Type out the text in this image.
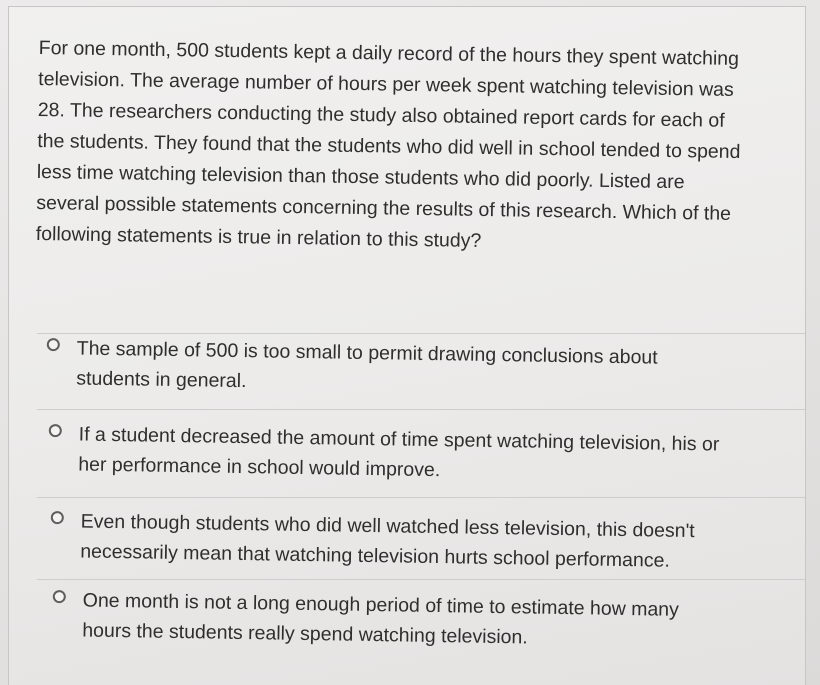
For one month, 500 students kept a daily record of the hours they spent watching television. The average number of hours per week spent watching television was 28. The researchers conducting the study also obtained report cards for each of the students. They found that the students who did well in school tended to spend less time watching television than those students who did poorly. Listed are several possible statements concerning the results of this research. Which of the following statements is true in relation to this study?

The sample of 500 is too small to permit drawing conclusions about students in general.
If a student decreased the amount of time spent watching television, his or her performance in school would improve.
Even though students who did well watched less television, this doesn't necessarily mean that watching television hurts school performance.
One month is not a long enough period of time to estimate how many hours the students really spend watching television.
